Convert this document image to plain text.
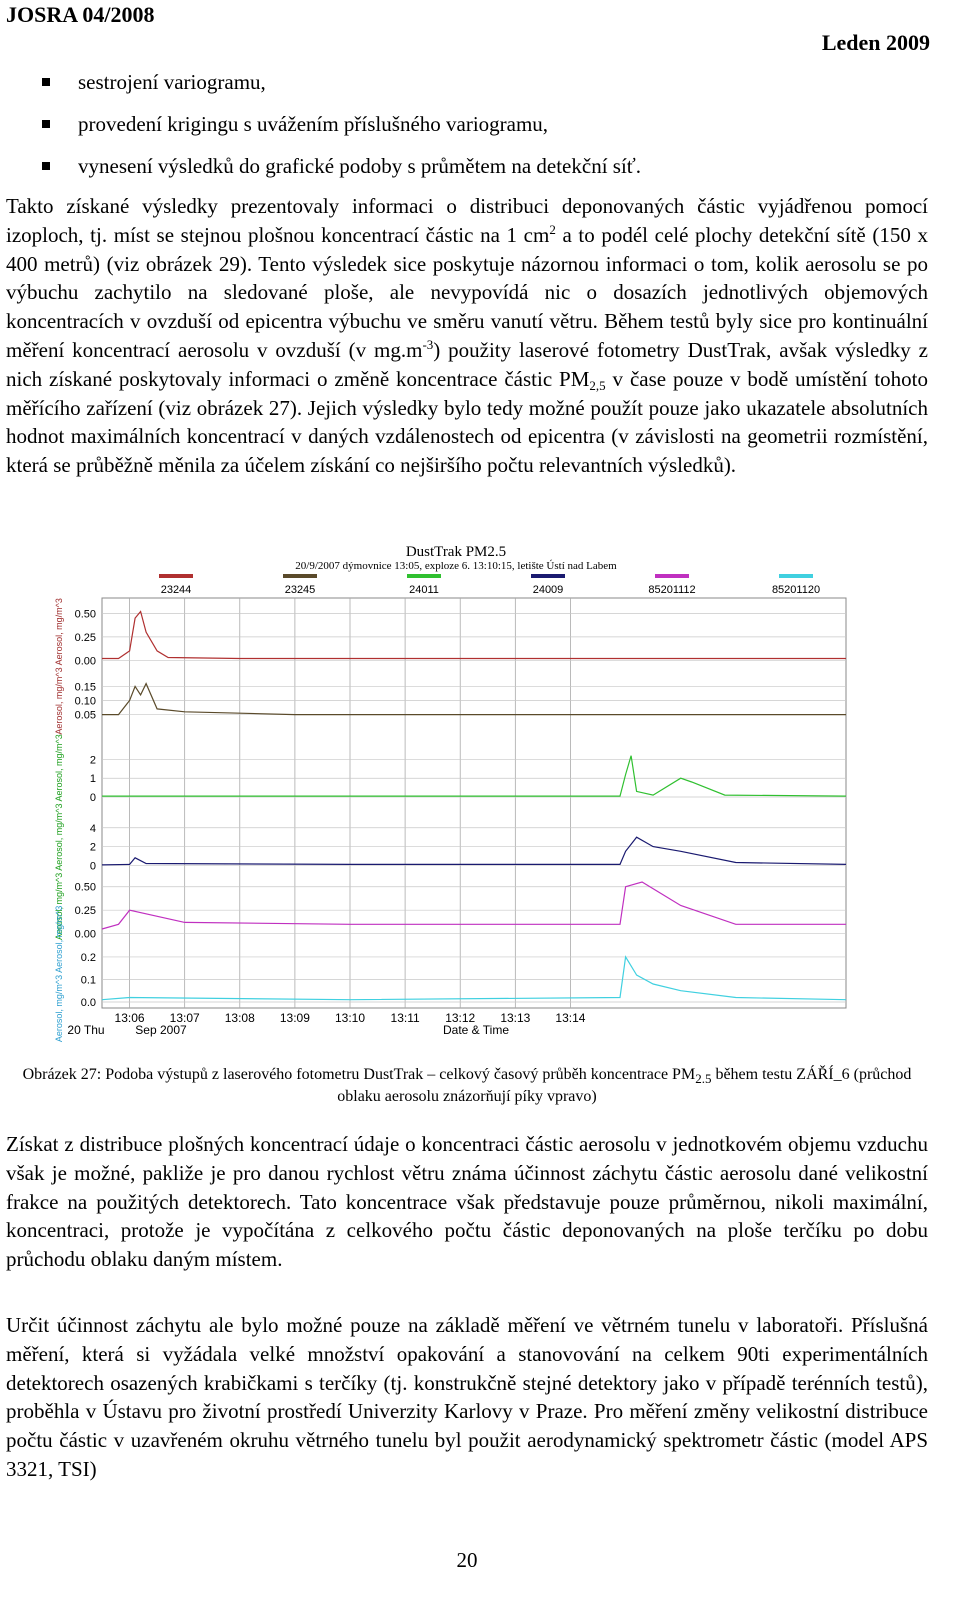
JOSRA 04/2008
Leden 2009
sestrojení variogramu,
provedení krigingu s uvážením příslušného variogramu,
vynesení výsledků do grafické podoby s průmětem na detekční síť.

Takto získané výsledky prezentovaly informaci o distribuci deponovaných částic vyjádřenou pomocí izoploch, tj. míst se stejnou plošnou koncentrací částic na 1 $cm^2$ a to podél celé plochy detekční sítě (150 x 400 metrů) (viz obrázek 29). Tento výsledek sice poskytuje názornou informaci o tom, kolik aerosolu se po výbuchu zachytilo na sledované ploše, ale nevypovídá nic o dosazích jednotlivých objemových koncentracích v ovzduší od epicentra výbuchu ve směru vanutí větru. Během testů byly sice pro kontinuální měření koncentrací aerosolu v ovzduší (v $mg.m^{-3}$) použity laserové fotometry DustTrak, avšak výsledky z nich získané poskytovaly informaci o změně koncentrace částic $PM_{2,5}$ v čase pouze v bodě umístění tohoto měřícího zařízení (viz obrázek 27). Jejich výsledky bylo tedy možné použít pouze jako ukazatele absolutních hodnot maximálních koncentrací v daných vzdálenostech od epicentra (v závislosti na geometrii rozmístění, která se průběžně měnila za účelem získání co nejširšího počtu relevantních výsledků).

DustTrak PM2.5
20/9/2007 dýmovnice 13:05, exploze 6. 13:10:15, letište Ústí nad Labem
23244	23245	24011	24009	85201112	85201120
13:06 13:07 13:08 13:09 13:10 13:11 13:12 13:13 13:14
0.50
0.25
0.00
0.15
0.10
0.05
2
1
0
4
2
0
0.50
0.25
0.00
0.2
0.1
0.0
Aerosol, mg/m^3 Aerosol, mg/m^3
Aerosol, mg/m^3 Aerosol, mg/m^3 Aerosol, mg/m^3
Aerosol, mg/m^3 Aerosol, mg/m^3	Date & Time
20 Thu	Sep 2007

Obrázek 27: Podoba výstupů z laserového fotometru DustTrak – celkový časový průběh koncentrace $PM_{2.5}$ během testu ZÁŘÍ_6 (průchod oblaku aerosolu znázorňují píky vpravo)

Získat z distribuce plošných koncentrací údaje o koncentraci částic aerosolu v jednotkovém objemu vzduchu však je možné, pakliže je pro danou rychlost větru známa účinnost záchytu částic aerosolu dané velikostní frakce na použitých detektorech. Tato koncentrace však představuje pouze průměrnou, nikoli maximální, koncentraci, protože je vypočítána z celkového počtu částic deponovaných na ploše terčíku po dobu průchodu oblaku daným místem.

Určit účinnost záchytu ale bylo možné pouze na základě měření ve větrném tunelu v laboratoři. Příslušná měření, která si vyžádala velké množství opakování a stanovování na celkem 90ti experimentálních detektorech osazených krabičkami s terčíky (tj. konstrukčně stejné detektory jako v případě terénních testů), proběhla v Ústavu pro životní prostředí Univerzity Karlovy v Praze. Pro měření změny velikostní distribuce počtu částic v uzavřeném okruhu větrného tunelu byl použit aerodynamický spektrometr částic (model APS 3321, TSI)

20
